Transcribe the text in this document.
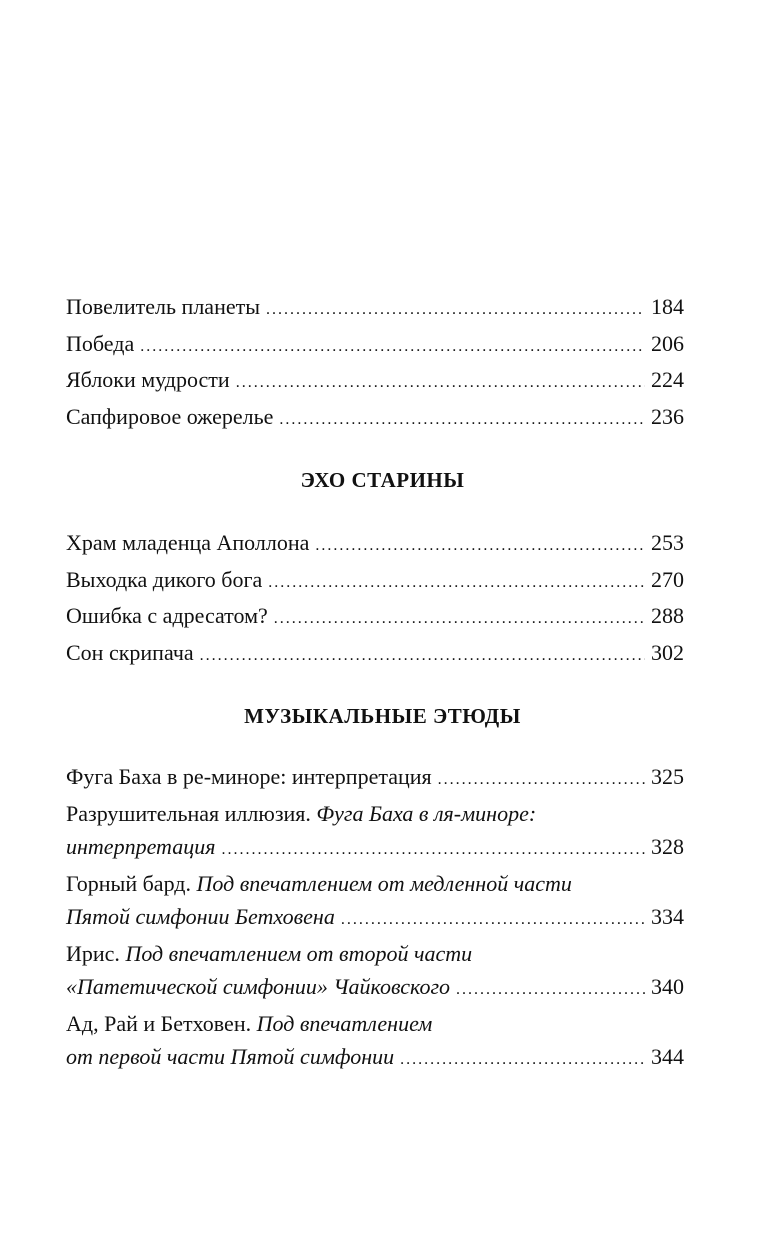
Повелитель планеты . . .	184
Победа . . .	206
Яблоки мудрости . . .	224
Сапфировое ожерелье . . .	236
ЭХО СТАРИНЫ
Храм младенца Аполлона . . .	253
Выходка дикого бога . . .	270
Ошибка с адресатом? . . .	288
Сон скрипача . . .	302
МУЗЫКАЛЬНЫЕ ЭТЮДЫ
Фуга Баха в ре-миноре: интерпретация . . .	325
Разрушительная иллюзия. Фуга Баха в ля-миноре:
интерпретация . . .	328
Горный бард. Под впечатлением от медленной части
Пятой симфонии Бетховена . . .	334
Ирис. Под впечатлением от второй части
«Патетической симфонии» Чайковского . . .	340
Ад, Рай и Бетховен. Под впечатлением
от первой части Пятой симфонии . . .	344
